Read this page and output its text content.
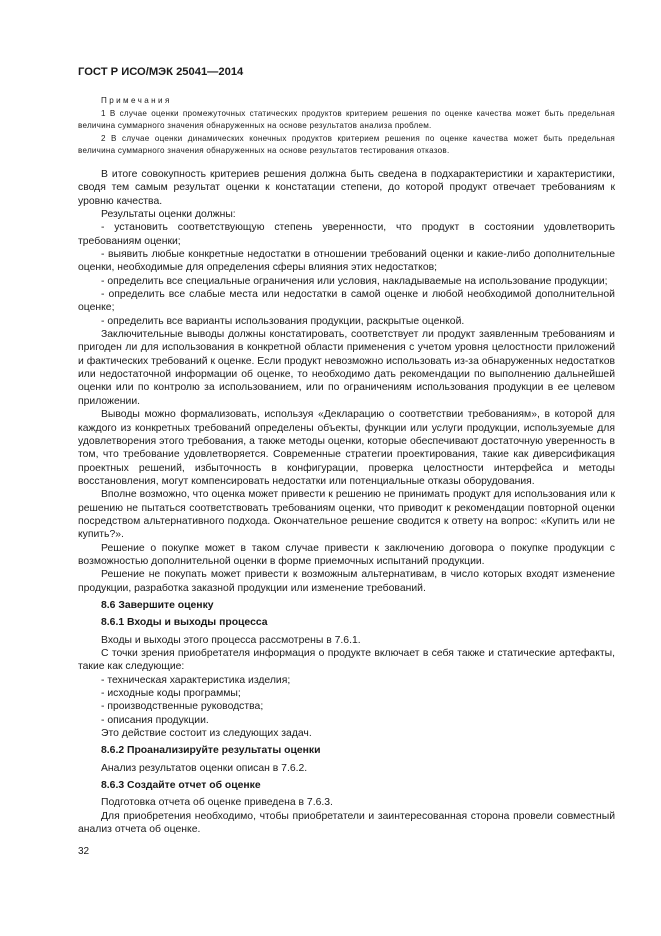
ГОСТ Р ИСО/МЭК 25041—2014

Примечания

1 В случае оценки промежуточных статических продуктов критерием решения по оценке качества может быть предельная величина суммарного значения обнаруженных на основе результатов анализа проблем.

2 В случае оценки динамических конечных продуктов критерием решения по оценке качества может быть предельная величина суммарного значения обнаруженных на основе результатов тестирования отказов.

В итоге совокупность критериев решения должна быть сведена в подхарактеристики и характеристики, сводя тем самым результат оценки к констатации степени, до которой продукт отвечает требованиям к уровню качества.

Результаты оценки должны:

- установить соответствующую степень уверенности, что продукт в состоянии удовлетворить требованиям оценки;

- выявить любые конкретные недостатки в отношении требований оценки и какие-либо дополнительные оценки, необходимые для определения сферы влияния этих недостатков;

- определить все специальные ограничения или условия, накладываемые на использование продукции;

- определить все слабые места или недостатки в самой оценке и любой необходимой дополнительной оценке;

- определить все варианты использования продукции, раскрытые оценкой.

Заключительные выводы должны констатировать, соответствует ли продукт заявленным требованиям и пригоден ли для использования в конкретной области применения с учетом уровня целостности приложений и фактических требований к оценке. Если продукт невозможно использовать из-за обнаруженных недостатков или недостаточной информации об оценке, то необходимо дать рекомендации по выполнению дальнейшей оценки или по контролю за использованием, или по ограничениям использования продукции в ее целевом приложении.

Выводы можно формализовать, используя «Декларацию о соответствии требованиям», в которой для каждого из конкретных требований определены объекты, функции или услуги продукции, используемые для удовлетворения этого требования, а также методы оценки, которые обеспечивают достаточную уверенность в том, что требование удовлетворяется. Современные стратегии проектирования, такие как диверсификация проектных решений, избыточность в конфигурации, проверка целостности интерфейса и методы восстановления, могут компенсировать недостатки или потенциальные отказы оборудования.

Вполне возможно, что оценка может привести к решению не принимать продукт для использования или к решению не пытаться соответствовать требованиям оценки, что приводит к рекомендации повторной оценки посредством альтернативного подхода. Окончательное решение сводится к ответу на вопрос: «Купить или не купить?».

Решение о покупке может в таком случае привести к заключению договора о покупке продукции с возможностью дополнительной оценки в форме приемочных испытаний продукции.

Решение не покупать может привести к возможным альтернативам, в число которых входят изменение продукции, разработка заказной продукции или изменение требований.

8.6 Завершите оценку

8.6.1 Входы и выходы процесса

Входы и выходы этого процесса рассмотрены в 7.6.1.

С точки зрения приобретателя информация о продукте включает в себя также и статические артефакты, такие как следующие:

- техническая характеристика изделия;

- исходные коды программы;

- производственные руководства;

- описания продукции.

Это действие состоит из следующих задач.

8.6.2 Проанализируйте результаты оценки

Анализ результатов оценки описан в 7.6.2.

8.6.3 Создайте отчет об оценке

Подготовка отчета об оценке приведена в 7.6.3.

Для приобретения необходимо, чтобы приобретатели и заинтересованная сторона провели совместный анализ отчета об оценке.

32
